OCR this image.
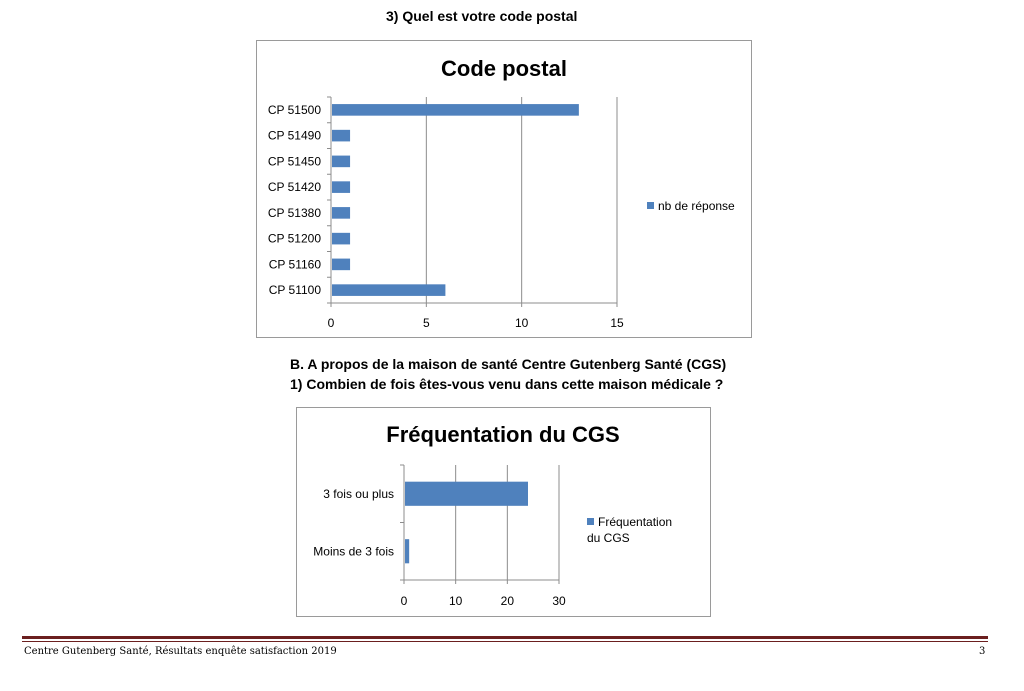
3) Quel est votre code postal
Code postal
0	5	10	15
CP 51500
CP 51490
CP 51450
CP 51420
CP 51380
CP 51200
CP 51160
CP 51100
nb de réponse
B. A propos de la maison de santé Centre Gutenberg Santé (CGS)
1) Combien de fois êtes-vous venu dans cette maison médicale ?
Fréquentation du CGS
0	10	20	30
3 fois ou plus
Moins de 3 fois
Fréquentation du CGS
Centre Gutenberg Santé, Résultats enquête satisfaction 2019	3
